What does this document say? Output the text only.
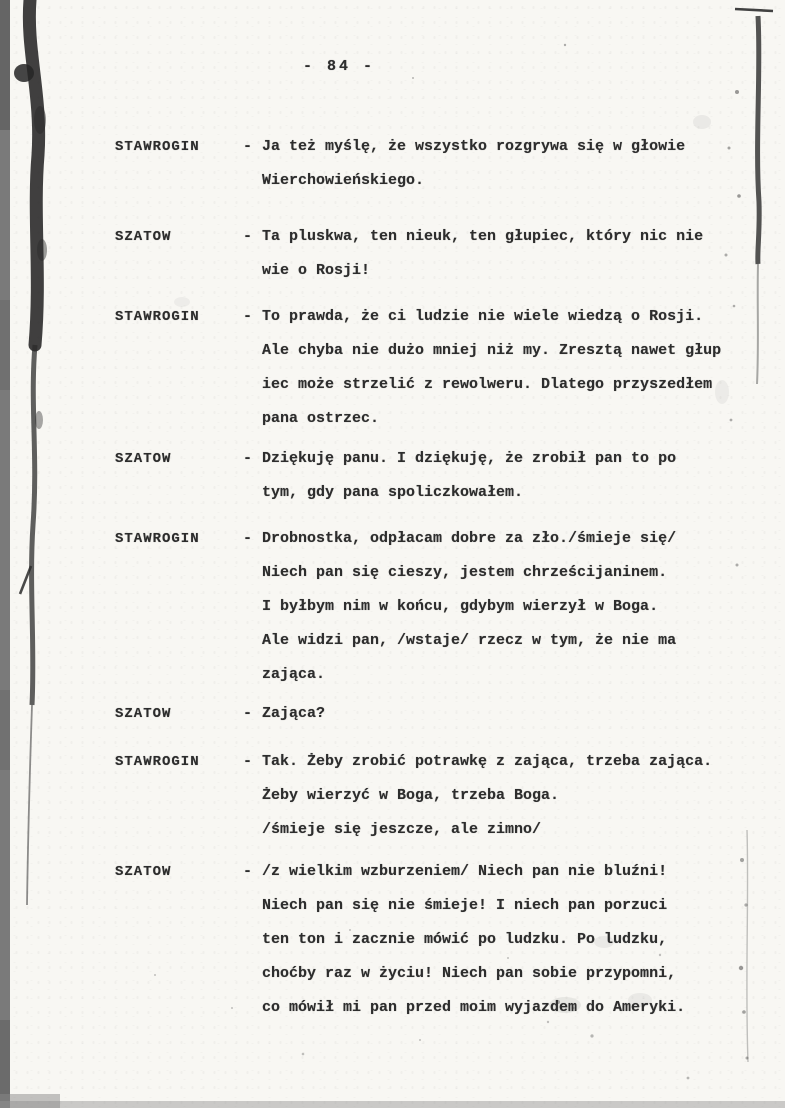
- 84 -
STAWROGIN	- Ja też myślę, że wszystko rozgrywa się w głowie
Wierchowieńskiego.
SZATOW	- Ta pluskwa, ten nieuk, ten głupiec, który nic nie
wie o Rosji!
STAWROGIN	- To prawda, że ci ludzie nie wiele wiedzą o Rosji.
Ale chyba nie dużo mniej niż my. Zresztą nawet głup
iec może strzelić z rewolweru. Dlatego przyszedłem
pana ostrzec.
SZATOW	- Dziękuję panu. I dziękuję, że zrobił pan to po
tym, gdy pana spoliczkowałem.
STAWROGIN	- Drobnostka, odpłacam dobre za zło./śmieje się/
Niech pan się cieszy, jestem chrześcijaninem.
I byłbym nim w końcu, gdybym wierzył w Boga.
Ale widzi pan, /wstaje/ rzecz w tym, że nie ma
zająca.
SZATOW	- Zająca?
STAWROGIN	- Tak. Żeby zrobić potrawkę z zająca, trzeba zająca.
Żeby wierzyć w Boga, trzeba Boga.
/śmieje się jeszcze, ale zimno/
SZATOW	- /z wielkim wzburzeniem/ Niech pan nie bluźni!
Niech pan się nie śmieje! I niech pan porzuci
ten ton i zacznie mówić po ludzku. Po ludzku,
choćby raz w życiu! Niech pan sobie przypomni,
co mówił mi pan przed moim wyjazdem do Ameryki.
